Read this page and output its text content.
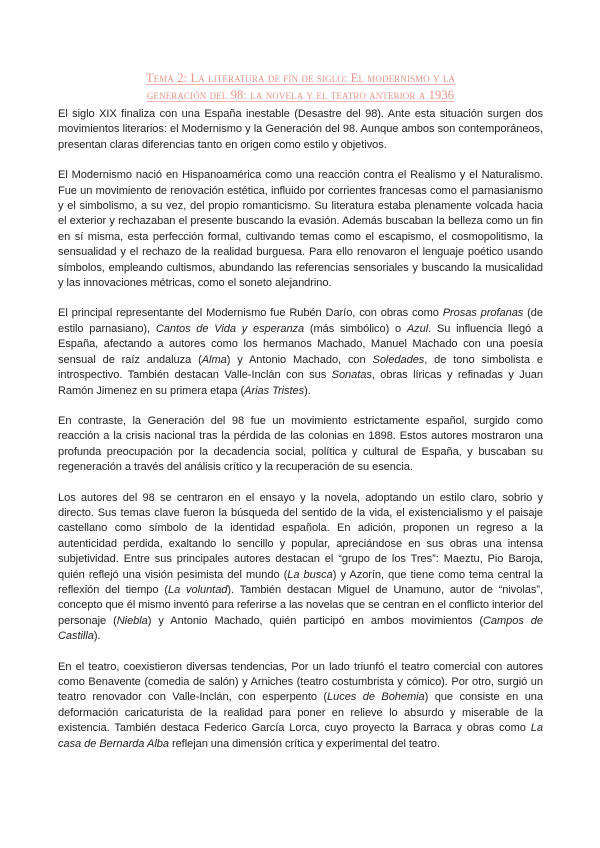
Tema 2: La literatura de fin de siglo: El modernismo y la
generación del 98: la novela y el teatro anterior a 1936

El siglo XIX finaliza con una España inestable (Desastre del 98). Ante esta situación surgen dos movimientos literarios: el Modernismo y la Generación del 98. Aunque ambos son contemporáneos, presentan claras diferencias tanto en origen como estilo y objetivos.

El Modernismo nació en Hispanoamérica como una reacción contra el Realismo y el Naturalismo. Fue un movimiento de renovación estética, influido por corrientes francesas como el parnasianismo y el simbolismo, a su vez, del propio romanticismo. Su literatura estaba plenamente volcada hacia el exterior y rechazaban el presente buscando la evasión. Además buscaban la belleza como un fin en sí misma, esta perfección formal, cultivando temas como el escapismo, el cosmopolitismo, la sensualidad y el rechazo de la realidad burguesa. Para ello renovaron el lenguaje poético usando símbolos, empleando cultismos, abundando las referencias sensoriales y buscando la musicalidad y las innovaciones métricas, como el soneto alejandrino.

El principal representante del Modernismo fue Rubén Darío, con obras como Prosas profanas (de estilo parnasiano), Cantos de Vida y esperanza (más simbólico) o Azul. Su influencia llegó a España, afectando a autores como los hermanos Machado, Manuel Machado con una poesía sensual de raíz andaluza (Alma) y Antonio Machado, con Soledades, de tono simbolista e introspectivo. También destacan Valle-Inclán con sus Sonatas, obras líricas y refinadas y Juan Ramón Jimenez en su primera etapa (Arias Tristes).

En contraste, la Generación del 98 fue un movimiento estrictamente español, surgido como reacción a la crisis nacional tras la pérdida de las colonias en 1898. Estos autores mostraron una profunda preocupación por la decadencia social, política y cultural de España, y buscaban su regeneración a través del análisis crítico y la recuperación de su esencia.

Los autores del 98 se centraron en el ensayo y la novela, adoptando un estilo claro, sobrio y directo. Sus temas clave fueron la búsqueda del sentido de la vida, el existencialismo y el paisaje castellano como símbolo de la identidad española. En adición, proponen un regreso a la autenticidad perdida, exaltando lo sencillo y popular, apreciándose en sus obras una intensa subjetividad. Entre sus principales autores destacan el “grupo de los Tres”: Maeztu, Pio Baroja, quién reflejó una visión pesimista del mundo (La busca) y Azorín, que tiene como tema central la reflexión del tiempo (La voluntad). También destacan Miguel de Unamuno, autor de “nivolas”, concepto que él mismo inventó para referirse a las novelas que se centran en el conflicto interior del personaje (Niebla) y Antonio Machado, quién participó en ambos movimientos (Campos de Castilla).

En el teatro, coexistieron diversas tendencias, Por un lado triunfó el teatro comercial con autores como Benavente (comedia de salón) y Arniches (teatro costumbrista y cómico). Por otro, surgió un teatro renovador con Valle-Inclán, con esperpento (Luces de Bohemia) que consiste en una deformación caricaturista de la realidad para poner en relieve lo absurdo y miserable de la existencia. También destaca Federico García Lorca, cuyo proyecto la Barraca y obras como La casa de Bernarda Alba reflejan una dimensión crítica y experimental del teatro.
